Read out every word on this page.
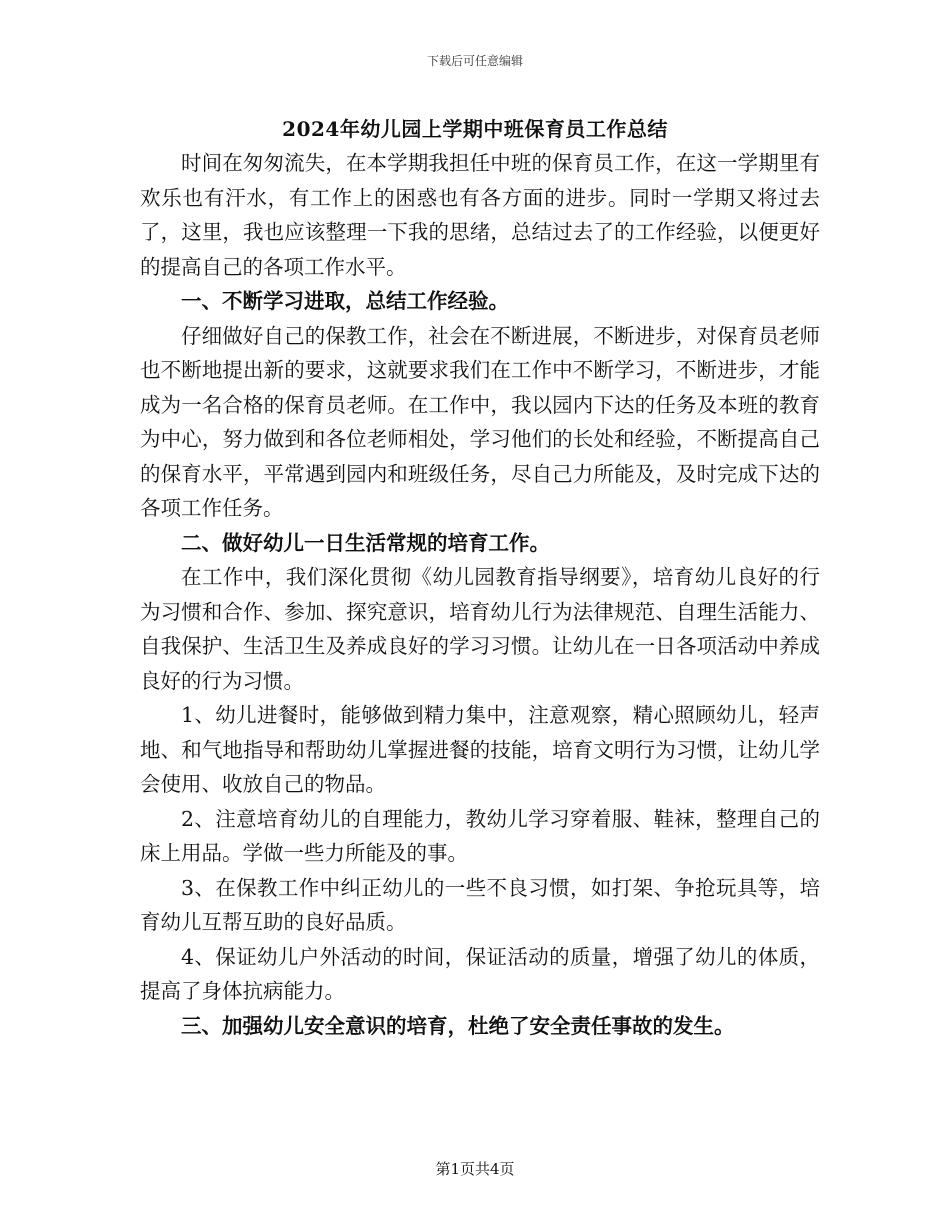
下载后可任意编辑
2024年幼儿园上学期中班保育员工作总结

时间在匆匆流失，在本学期我担任中班的保育员工作，在这一学期里有欢乐也有汗水，有工作上的困惑也有各方面的进步。同时一学期又将过去了，这里，我也应该整理一下我的思绪，总结过去了的工作经验，以便更好的提高自己的各项工作水平。

一、不断学习进取，总结工作经验。

仔细做好自己的保教工作，社会在不断进展，不断进步，对保育员老师也不断地提出新的要求，这就要求我们在工作中不断学习，不断进步，才能成为一名合格的保育员老师。在工作中，我以园内下达的任务及本班的教育为中心，努力做到和各位老师相处，学习他们的长处和经验，不断提高自己的保育水平，平常遇到园内和班级任务，尽自己力所能及，及时完成下达的各项工作任务。

二、做好幼儿一日生活常规的培育工作。

在工作中，我们深化贯彻《幼儿园教育指导纲要》，培育幼儿良好的行为习惯和合作、参加、探究意识，培育幼儿行为法律规范、自理生活能力、自我保护、生活卫生及养成良好的学习习惯。让幼儿在一日各项活动中养成良好的行为习惯。

1、幼儿进餐时，能够做到精力集中，注意观察，精心照顾幼儿，轻声地、和气地指导和帮助幼儿掌握进餐的技能，培育文明行为习惯，让幼儿学会使用、收放自己的物品。

2、注意培育幼儿的自理能力，教幼儿学习穿着服、鞋袜，整理自己的床上用品。学做一些力所能及的事。

3、在保教工作中纠正幼儿的一些不良习惯，如打架、争抢玩具等，培育幼儿互帮互助的良好品质。

4、保证幼儿户外活动的时间，保证活动的质量，增强了幼儿的体质，提高了身体抗病能力。

三、加强幼儿安全意识的培育，杜绝了安全责任事故的发生。

第1页共4页
